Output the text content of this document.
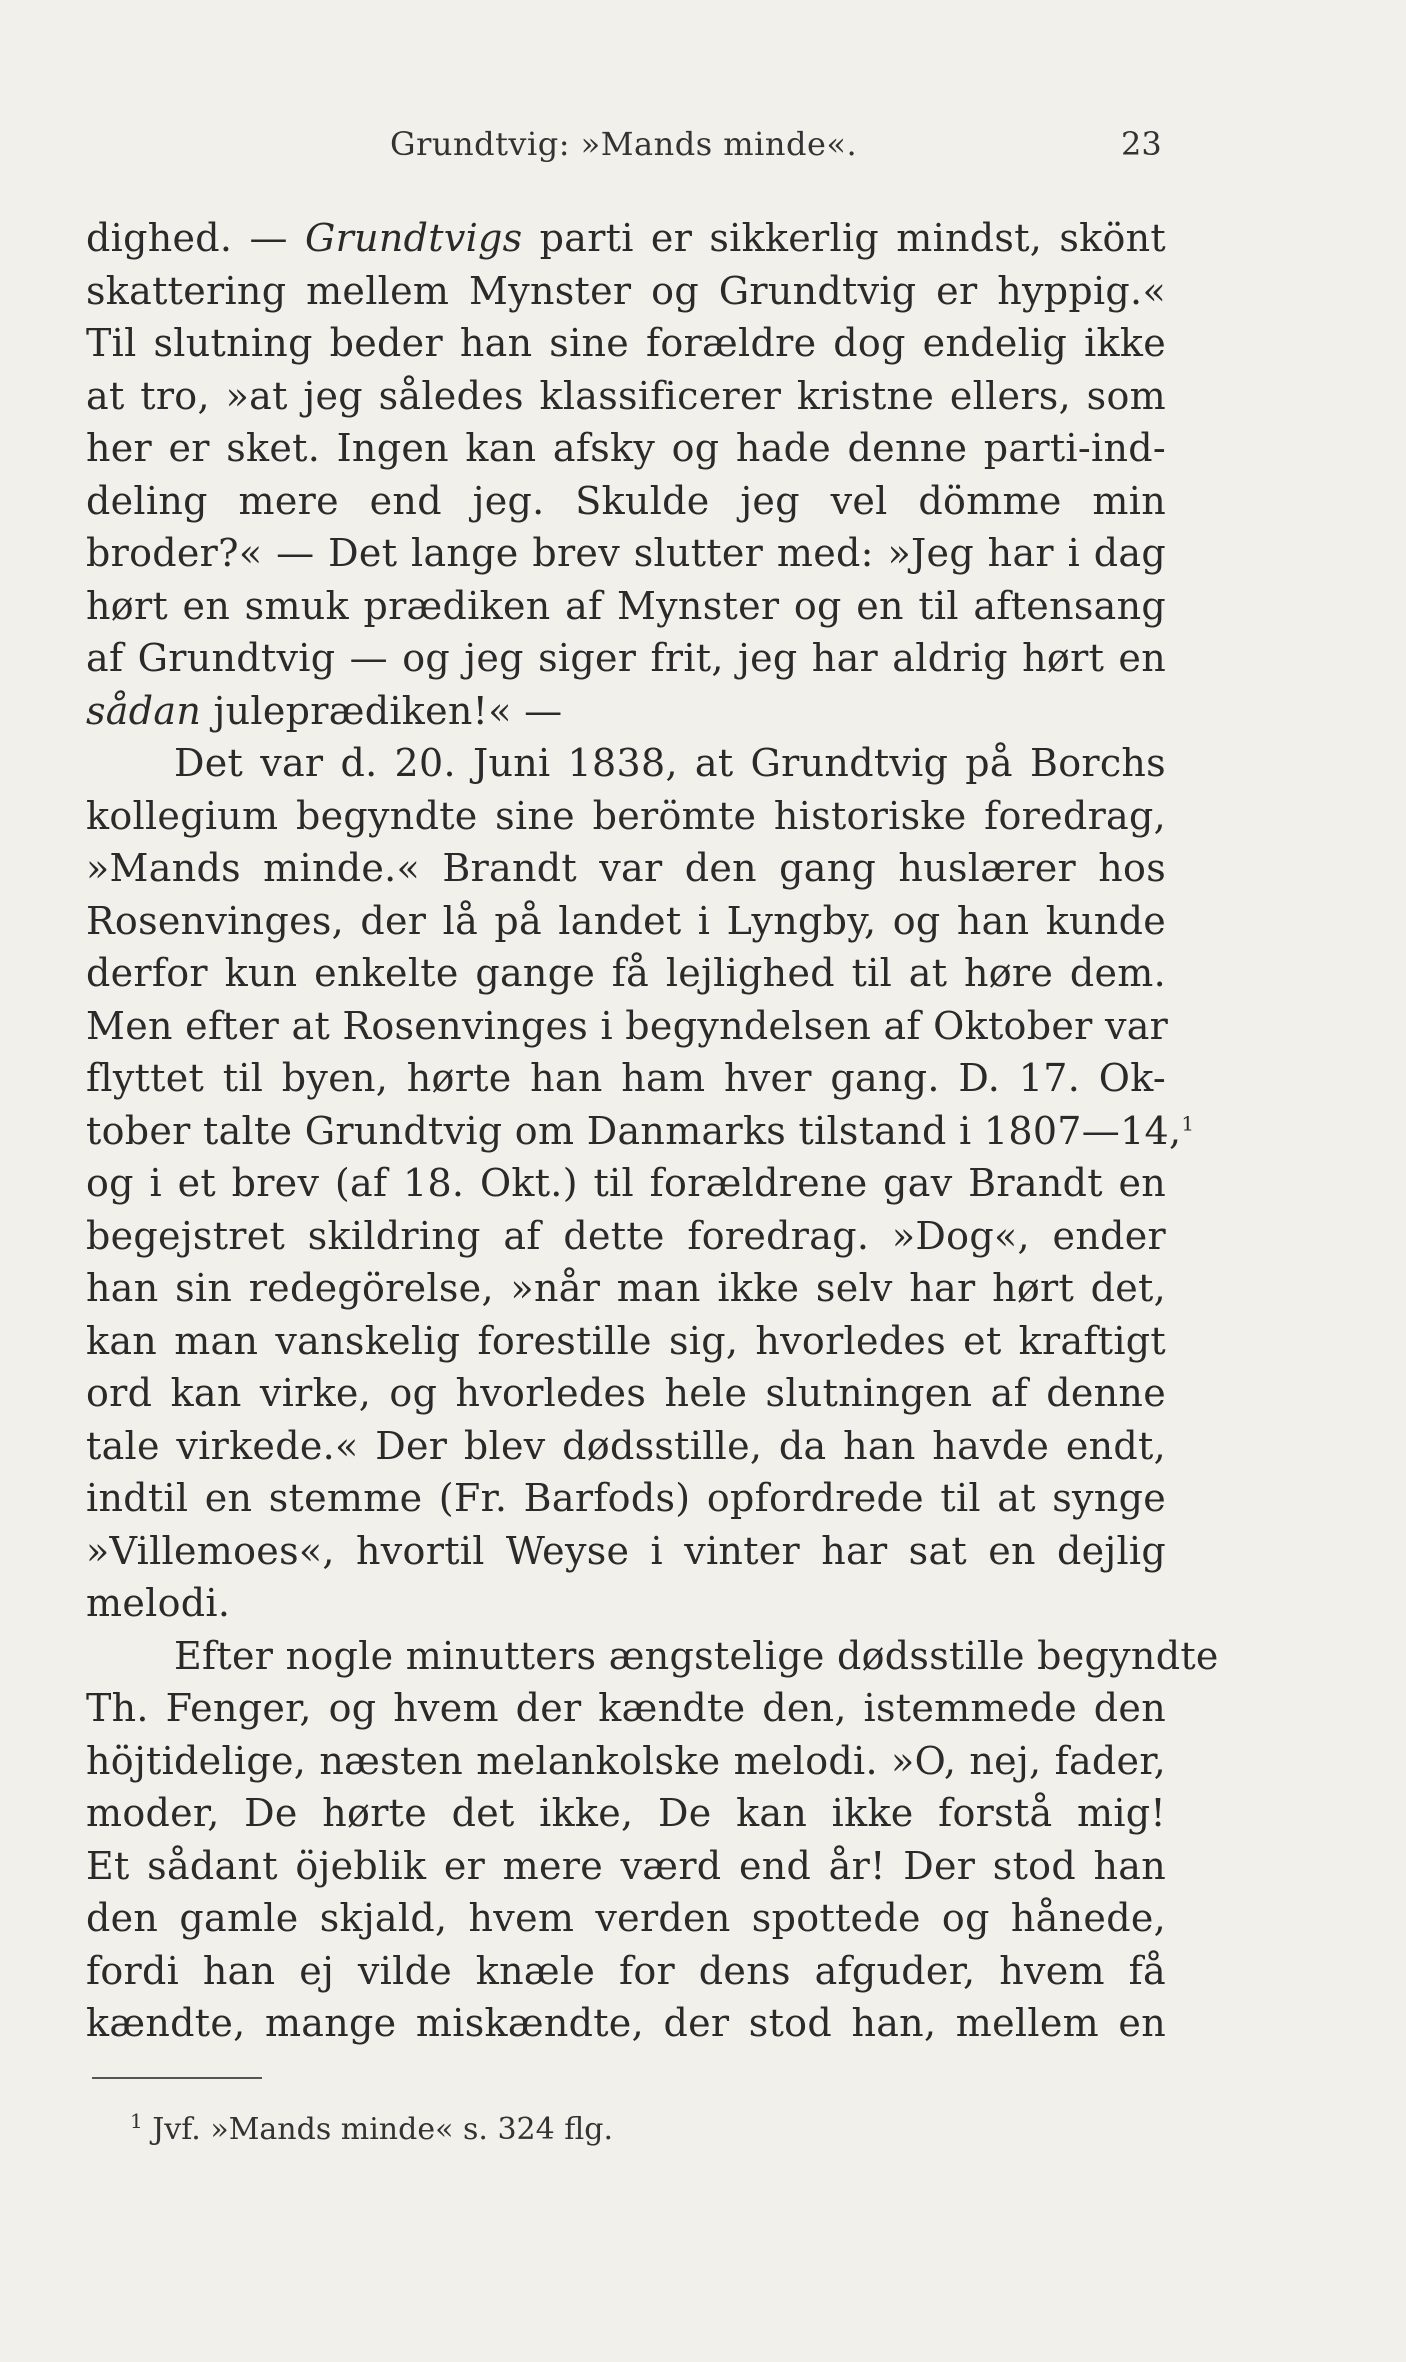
Grundtvig: »Mands minde«.	23
dighed. — Grundtvigs parti er sikkerlig mindst, skönt
skattering mellem Mynster og Grundtvig er hyppig.«
Til slutning beder han sine forældre dog endelig ikke
at tro, »at jeg således klassificerer kristne ellers, som
her er sket. Ingen kan afsky og hade denne parti-ind-
deling mere end jeg. Skulde jeg vel dömme min
broder?« — Det lange brev slutter med: »Jeg har i dag
hørt en smuk prædiken af Mynster og en til aftensang
af Grundtvig — og jeg siger frit, jeg har aldrig hørt en
sådan juleprædiken!« —
Det var d. 20. Juni 1838, at Grundtvig på Borchs
kollegium begyndte sine berömte historiske foredrag,
»Mands minde.« Brandt var den gang huslærer hos
Rosenvinges, der lå på landet i Lyngby, og han kunde
derfor kun enkelte gange få lejlighed til at høre dem.
Men efter at Rosenvinges i begyndelsen af Oktober var
flyttet til byen, hørte han ham hver gang. D. 17. Ok-
tober talte Grundtvig om Danmarks tilstand i 1807—14,$^1$
og i et brev (af 18. Okt.) til forældrene gav Brandt en
begejstret skildring af dette foredrag. »Dog«, ender
han sin redegörelse, »når man ikke selv har hørt det,
kan man vanskelig forestille sig, hvorledes et kraftigt
ord kan virke, og hvorledes hele slutningen af denne
tale virkede.« Der blev dødsstille, da han havde endt,
indtil en stemme (Fr. Barfods) opfordrede til at synge
»Villemoes«, hvortil Weyse i vinter har sat en dejlig
melodi.
Efter nogle minutters ængstelige dødsstille begyndte
Th. Fenger, og hvem der kændte den, istemmede den
höjtidelige, næsten melankolske melodi. »O, nej, fader,
moder, De hørte det ikke, De kan ikke forstå mig!
Et sådant öjeblik er mere værd end år! Der stod han
den gamle skjald, hvem verden spottede og hånede,
fordi han ej vilde knæle for dens afguder, hvem få
kændte, mange miskændte, der stod han, mellem en
$^1$ Jvf. »Mands minde« s. 324 flg.
